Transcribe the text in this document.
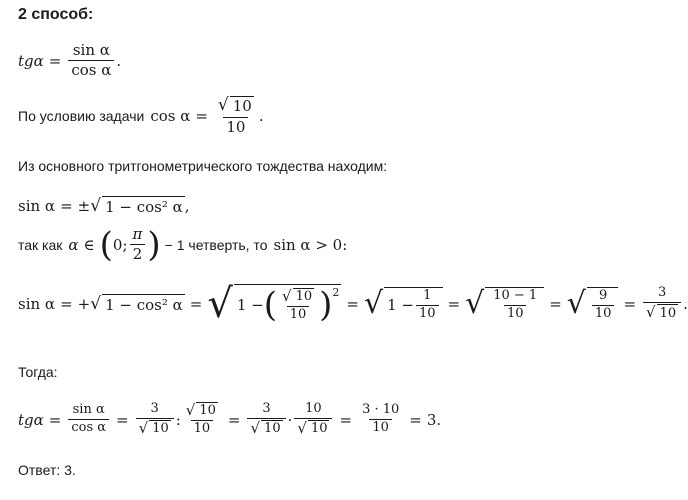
2 способ:
$tg\alpha = \frac{\text{sin α}}{\text{cos α}}$ .
По условию задачи $\cos \alpha = \frac{√ 10}{10}$ .
Из основного тритгонометрического тождества находим:
sin α = ± √ 1 − cos² α ,
так как α ∈ ( 0; $\frac{\pi}{2}$ ) − 1 четверть, то sin α > 0:
sin α = + √ 1 − cos² α = √ 1 − ( $\frac{√ 10}{10} )^2$
= √ $1 - \frac{1}{10}$ = √ $\frac{10 - 1}{10}$ = √ $\frac{9}{10} = \frac{3}{√ 10}$ .
Тогда:
$tg\alpha = \frac{\text{sin α}}{\text{cos α}} = \frac{3}{√ 10}$ : $\frac{√ 10}{10} = \frac{3}{√ 10} \cdot \frac{10}{√ 10} = \frac{3 \cdot 10}{10} = 3$ .
Ответ: 3.
